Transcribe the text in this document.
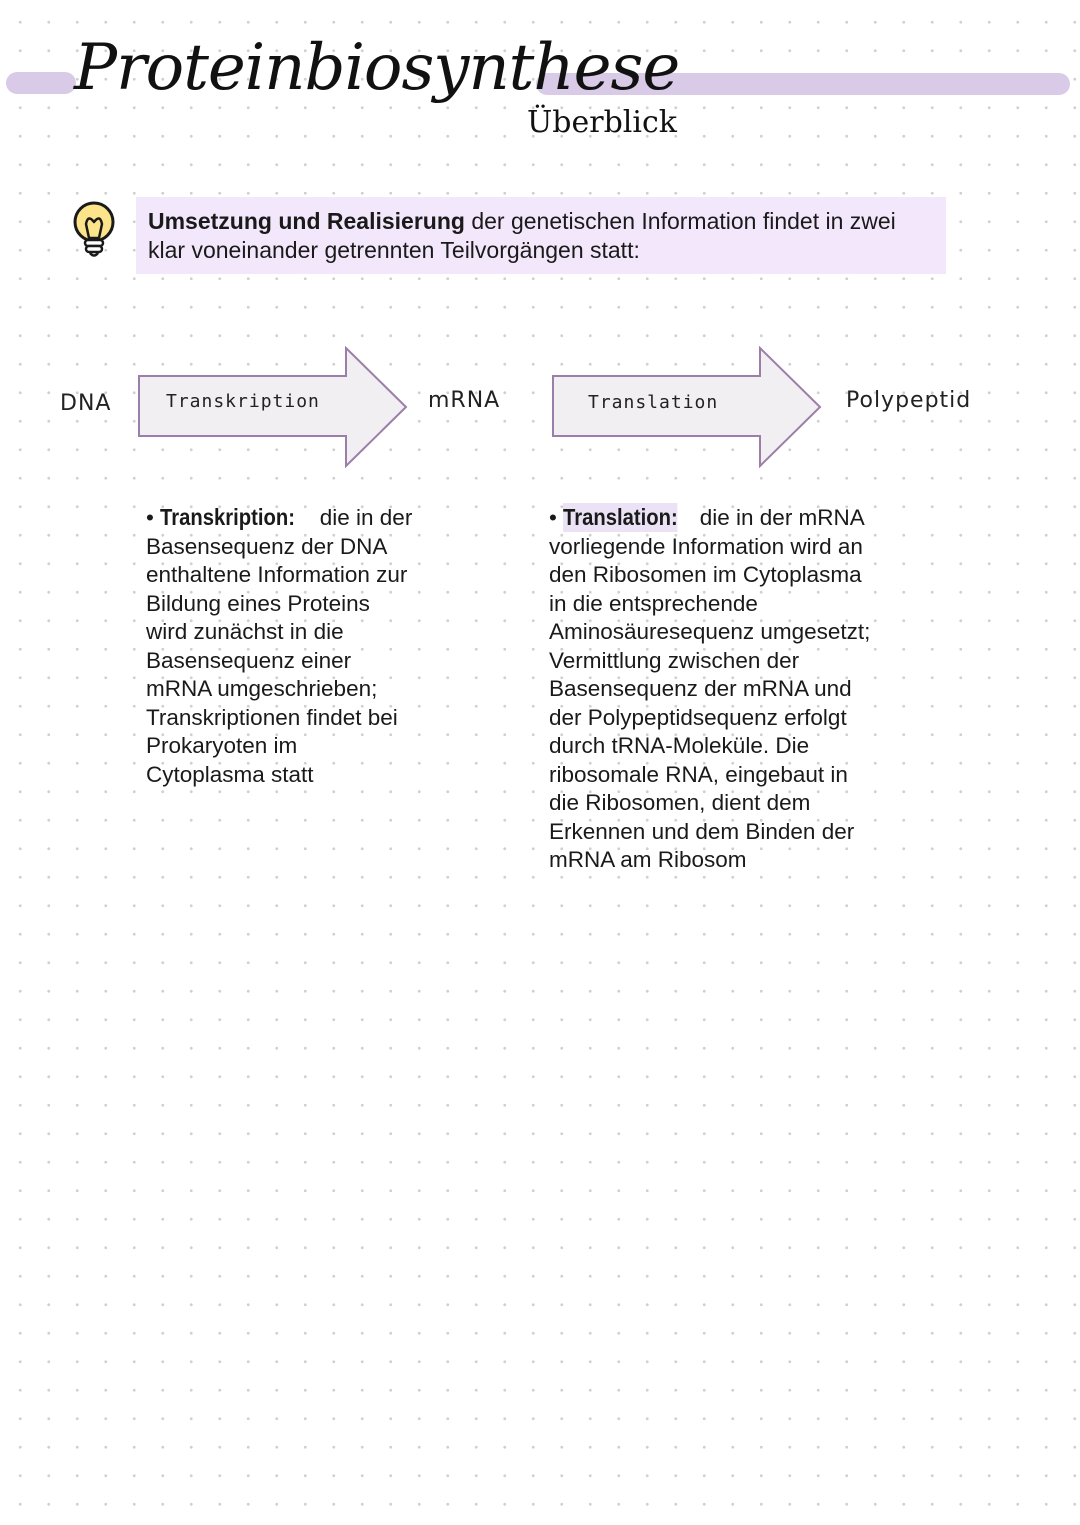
Proteinbiosynthese
Überblick
Umsetzung und Realisierung der genetischen Information findet in zwei klar voneinander getrennten Teilvorgängen statt:
DNA	Transkription	mRNA	Translation	Polypeptid
• Transkription: die in der Basensequenz der DNA enthaltene Information zur Bildung eines Proteins wird zunächst in die Basensequenz einer mRNA umgeschrieben; Transkriptionen findet bei Prokaryoten im Cytoplasma statt
• Translation: die in der mRNA vorliegende Information wird an den Ribosomen im Cytoplasma in die entsprechende Aminosäuresequenz umgesetzt; Vermittlung zwischen der Basensequenz der mRNA und der Polypeptidsequenz erfolgt durch tRNA-Moleküle. Die ribosomale RNA, eingebaut in die Ribosomen, dient dem Erkennen und dem Binden der mRNA am Ribosom
